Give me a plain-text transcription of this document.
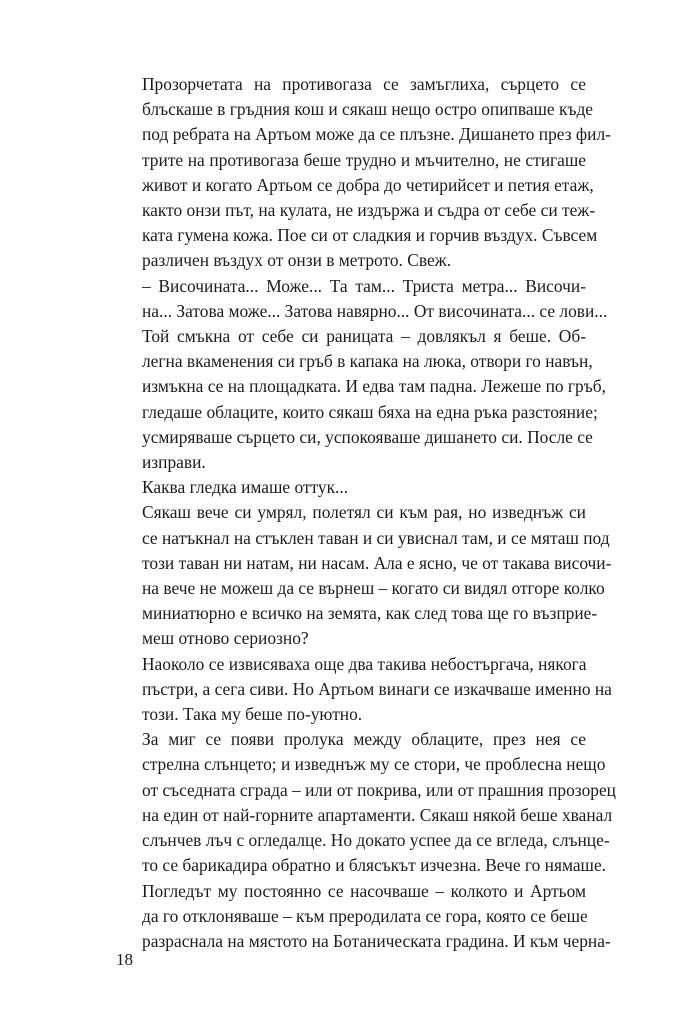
Прозорчетата на противогаза се замъглиха, сърцето се
блъскаше в гръдния кош и сякаш нещо остро опипваше къде
под ребрата на Артьом може да се плъзне. Дишането през фил-
трите на противогаза беше трудно и мъчително, не стигаше
живот и когато Артьом се добра до четирийсет и петия етаж,
както онзи път, на кулата, не издържа и съдра от себе си теж-
ката гумена кожа. Пое си от сладкия и горчив въздух. Съвсем
различен въздух от онзи в метрото. Свеж.

– Височината... Може... Та там... Триста метра... Височи-
на... Затова може... Затова навярно... От височината... се лови...

Той смъкна от себе си раницата – довлякъл я беше. Об-
легна вкаменения си гръб в капака на люка, отвори го навън,
измъкна се на площадката. И едва там падна. Лежеше по гръб,
гледаше облаците, които сякаш бяха на една ръка разстояние;
усмиряваше сърцето си, успокояваше дишането си. После се
изправи.

Каква гледка имаше оттук...

Сякаш вече си умрял, полетял си към рая, но изведнъж си
се натъкнал на стъклен таван и си увиснал там, и се мяташ под
този таван ни натам, ни насам. Ала е ясно, че от такава височи-
на вече не можеш да се върнеш – когато си видял отгоре колко
миниатюрно е всичко на земята, как след това ще го възприе-
меш отново сериозно?

Наоколо се извисяваха още два такива небостъргача, някога
пъстри, а сега сиви. Но Артьом винаги се изкачваше именно на
този. Така му беше по-уютно.

За миг се появи пролука между облаците, през нея се
стрелна слънцето; и изведнъж му се стори, че проблесна нещо
от съседната сграда – или от покрива, или от прашния прозорец
на един от най-горните апартаменти. Сякаш някой беше хванал
слънчев лъч с огледалце. Но докато успее да се вгледа, слънце-
то се барикадира обратно и блясъкът изчезна. Вече го нямаше.

Погледът му постоянно се насочваше – колкото и Артьом
да го отклоняваше – към преродилата се гора, която се беше
разраснала на мястото на Ботаническата градина. И към черна-

18
